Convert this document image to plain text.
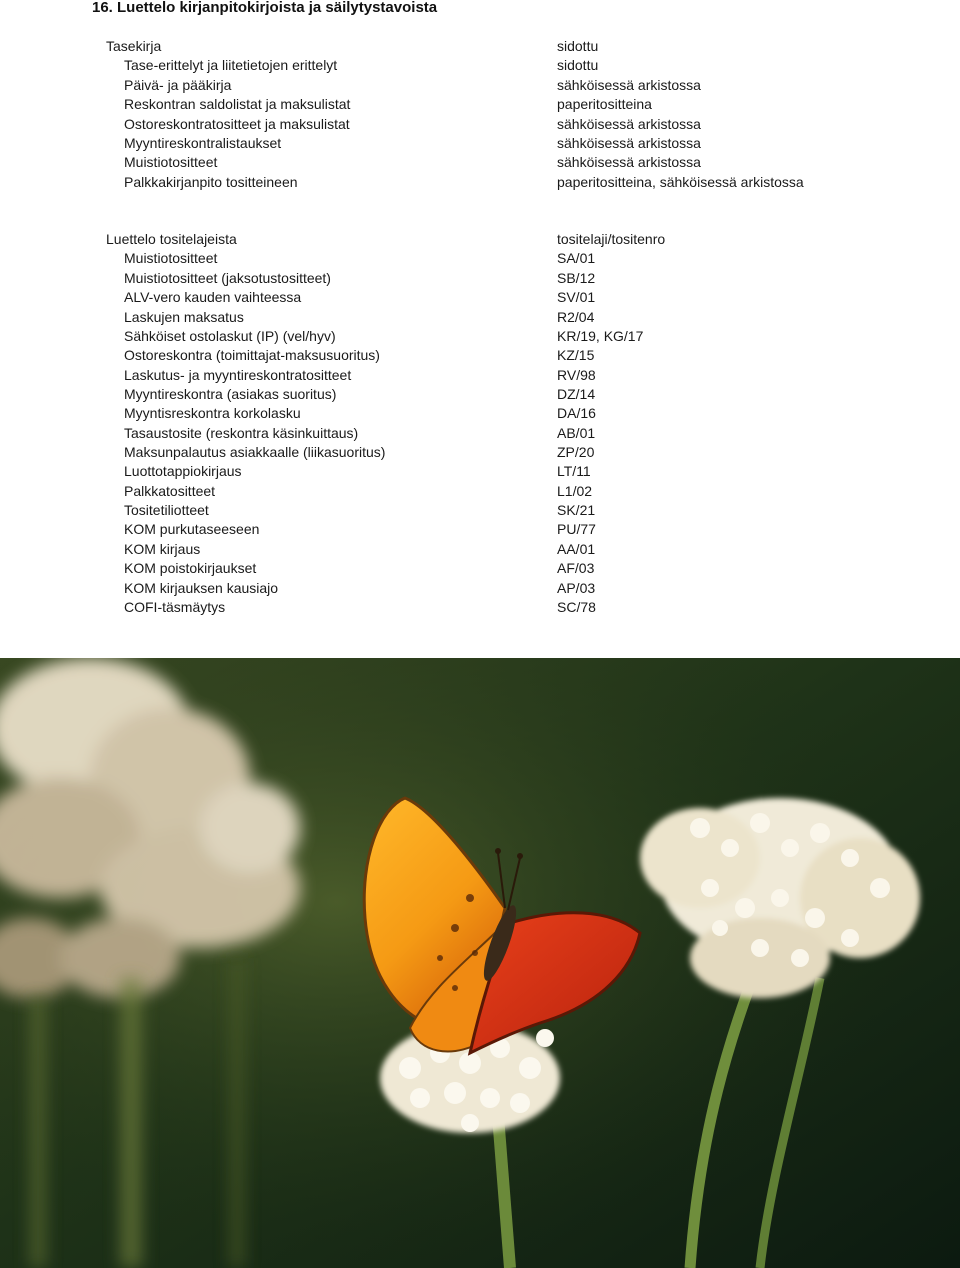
16. Luettelo kirjanpitokirjoista ja säilytystavoista
Tasekirja	sidottu
Tase-erittelyt ja liitetietojen erittelyt	sidottu
Päivä- ja pääkirja	sähköisessä arkistossa
Reskontran saldolistat ja maksulistat	paperitositteina
Ostoreskontratositteet ja maksulistat	sähköisessä arkistossa
Myyntireskontralistaukset	sähköisessä arkistossa
Muistiotositteet	sähköisessä arkistossa
Palkkakirjanpito tositteineen	paperitositteina, sähköisessä arkistossa
Luettelo tositelajeista	tositelaji/tositenro
Muistiotositteet	SA/01
Muistiotositteet (jaksotustositteet)	SB/12
ALV-vero kauden vaihteessa	SV/01
Laskujen maksatus	R2/04
Sähköiset ostolaskut (IP) (vel/hyv)	KR/19, KG/17
Ostoreskontra (toimittajat-maksusuoritus)	KZ/15
Laskutus- ja myyntireskontratositteet	RV/98
Myyntireskontra (asiakas suoritus)	DZ/14
Myyntisreskontra korkolasku	DA/16
Tasaustosite (reskontra käsinkuittaus)	AB/01
Maksunpalautus asiakkaalle (liikasuoritus)	ZP/20
Luottotappiokirjaus	LT/11
Palkkatositteet	L1/02
Tositetiliotteet	SK/21
KOM purkutaseeseen	PU/77
KOM kirjaus	AA/01
KOM poistokirjaukset	AF/03
KOM kirjauksen kausiajo	AP/03
COFI-täsmäytys	SC/78
